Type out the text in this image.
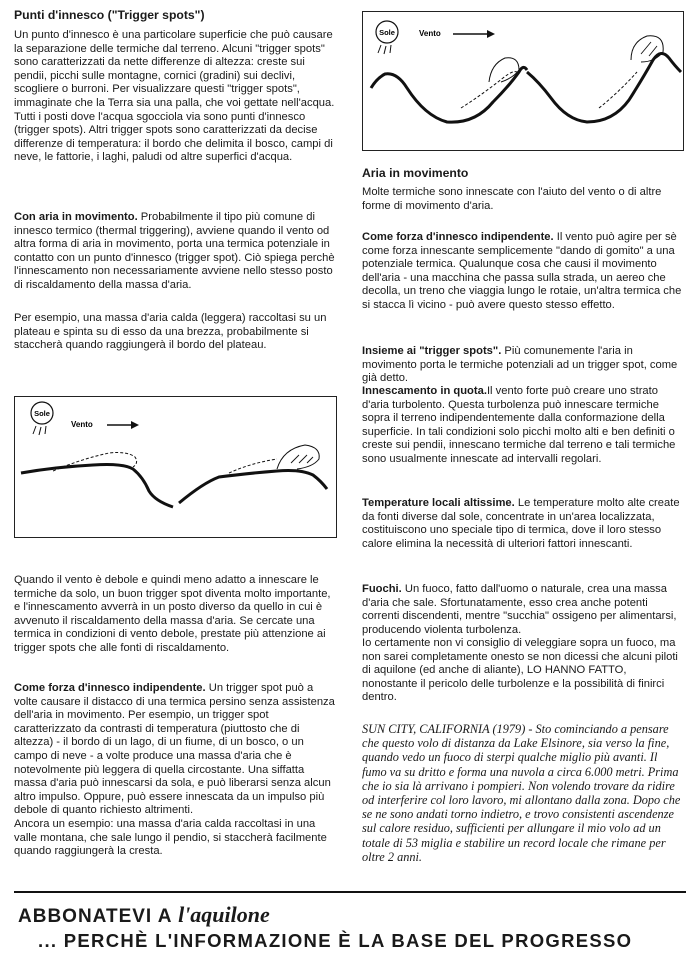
Punti d'innesco ("Trigger spots")

Un punto d'innesco è una particolare superficie che può causare la separazione delle termiche dal terreno. Alcuni "trigger spots" sono caratterizzati da nette differenze di altezza: creste sui pendii, picchi sulle montagne, cornici (gradini) sui declivi, scogliere o burroni. Per visualizzare questi "trigger spots", immaginate che la Terra sia una palla, che voi gettate nell'acqua. Tutti i posti dove l'acqua sgocciola via sono punti d'innesco (trigger spots). Altri trigger spots sono caratterizzati da decise differenze di temperatura: il bordo che delimita il bosco, campi di neve, le fattorie, i laghi, paludi od altre superfici d'acqua.

Con aria in movimento. Probabilmente il tipo più comune di innesco termico (thermal triggering), avviene quando il vento od altra forma di aria in movimento, porta una termica potenziale in contatto con un punto d'innesco (trigger spot). Ciò spiega perchè l'innescamento non necessariamente avviene nello stesso posto di riscaldamento della massa d'aria.

Per esempio, una massa d'aria calda (leggera) raccoltasi su un plateau e spinta su di esso da una brezza, probabilmente si staccherà quando raggiungerà il bordo del plateau.

Sole
Vento

Quando il vento è debole e quindi meno adatto a innescare le termiche da solo, un buon trigger spot diventa molto importante, e l'innescamento avverrà in un posto diverso da quello in cui è avvenuto il riscaldamento della massa d'aria. Se cercate una termica in condizioni di vento debole, prestate più attenzione ai trigger spots che alle fonti di riscaldamento.

Come forza d'innesco indipendente. Un trigger spot può a volte causare il distacco di una termica persino senza assistenza dell'aria in movimento. Per esempio, un trigger spot caratterizzato da contrasti di temperatura (piuttosto che di altezza) - il bordo di un lago, di un fiume, di un bosco, o un campo di neve - a volte produce una massa d'aria che è notevolmente più leggera di quella circostante. Una siffatta massa d'aria può innescarsi da sola, e può liberarsi senza alcun altro impulso. Oppure, può essere innescata da un impulso più debole di quanto richiesto altrimenti.

Ancora un esempio: una massa d'aria calda raccoltasi in una valle montana, che sale lungo il pendio, si staccherà facilmente quando raggiungerà la cresta.

Sole	Vento
Aria in movimento

Molte termiche sono innescate con l'aiuto del vento o di altre forme di movimento d'aria.

Come forza d'innesco indipendente. Il vento può agire per sè come forza innescante semplicemente "dando di gomito" a una potenziale termica. Qualunque cosa che causi il movimento dell'aria - una macchina che passa sulla strada, un aereo che decolla, un treno che viaggia lungo le rotaie, un'altra termica che si stacca lì vicino - può avere questo stesso effetto.

Insieme ai "trigger spots". Più comunemente l'aria in movimento porta le termiche potenziali ad un trigger spot, come già detto.

Innescamento in quota.Il vento forte può creare uno strato d'aria turbolento. Questa turbolenza può innescare termiche sopra il terreno indipendentemente dalla conformazione della superficie. In tali condizioni solo picchi molto alti e ben definiti o creste sui pendii, innescano termiche dal terreno e tali termiche sono usualmente innescate ad intervalli regolari.

Temperature locali altissime. Le temperature molto alte create da fonti diverse dal sole, concentrate in un'area localizzata, costituiscono uno speciale tipo di termica, dove il loro stesso calore elimina la necessità di ulteriori fattori innescanti.

Fuochi. Un fuoco, fatto dall'uomo o naturale, crea una massa d'aria che sale. Sfortunatamente, esso crea anche potenti correnti discendenti, mentre "succhia" ossigeno per alimentarsi, producendo violenta turbolenza.

Io certamente non vi consiglio di veleggiare sopra un fuoco, ma non sarei completamente onesto se non dicessi che alcuni piloti di aquilone (ed anche di aliante), LO HANNO FATTO, nonostante il pericolo delle turbolenze e la possibilità di finirci dentro.

SUN CITY, CALIFORNIA (1979) - Sto cominciando a pensare che questo volo di distanza da Lake Elsinore, sia verso la fine, quando vedo un fuoco di sterpi qualche miglio più avanti. Il fumo va su dritto e forma una nuvola a circa 6.000 metri. Prima che io sia là arrivano i pompieri. Non volendo trovare da ridire od interferire col loro lavoro, mi allontano dalla zona. Dopo che se ne sono andati torno indietro, e trovo consistenti ascendenze sul calore residuo, sufficienti per allungare il mio volo ad un totale di 53 miglia e stabilire un record locale che rimane per oltre 2 anni.

ABBONATEVI A l'aquilone
... PERCHÈ L'INFORMAZIONE È LA BASE DEL PROGRESSO
